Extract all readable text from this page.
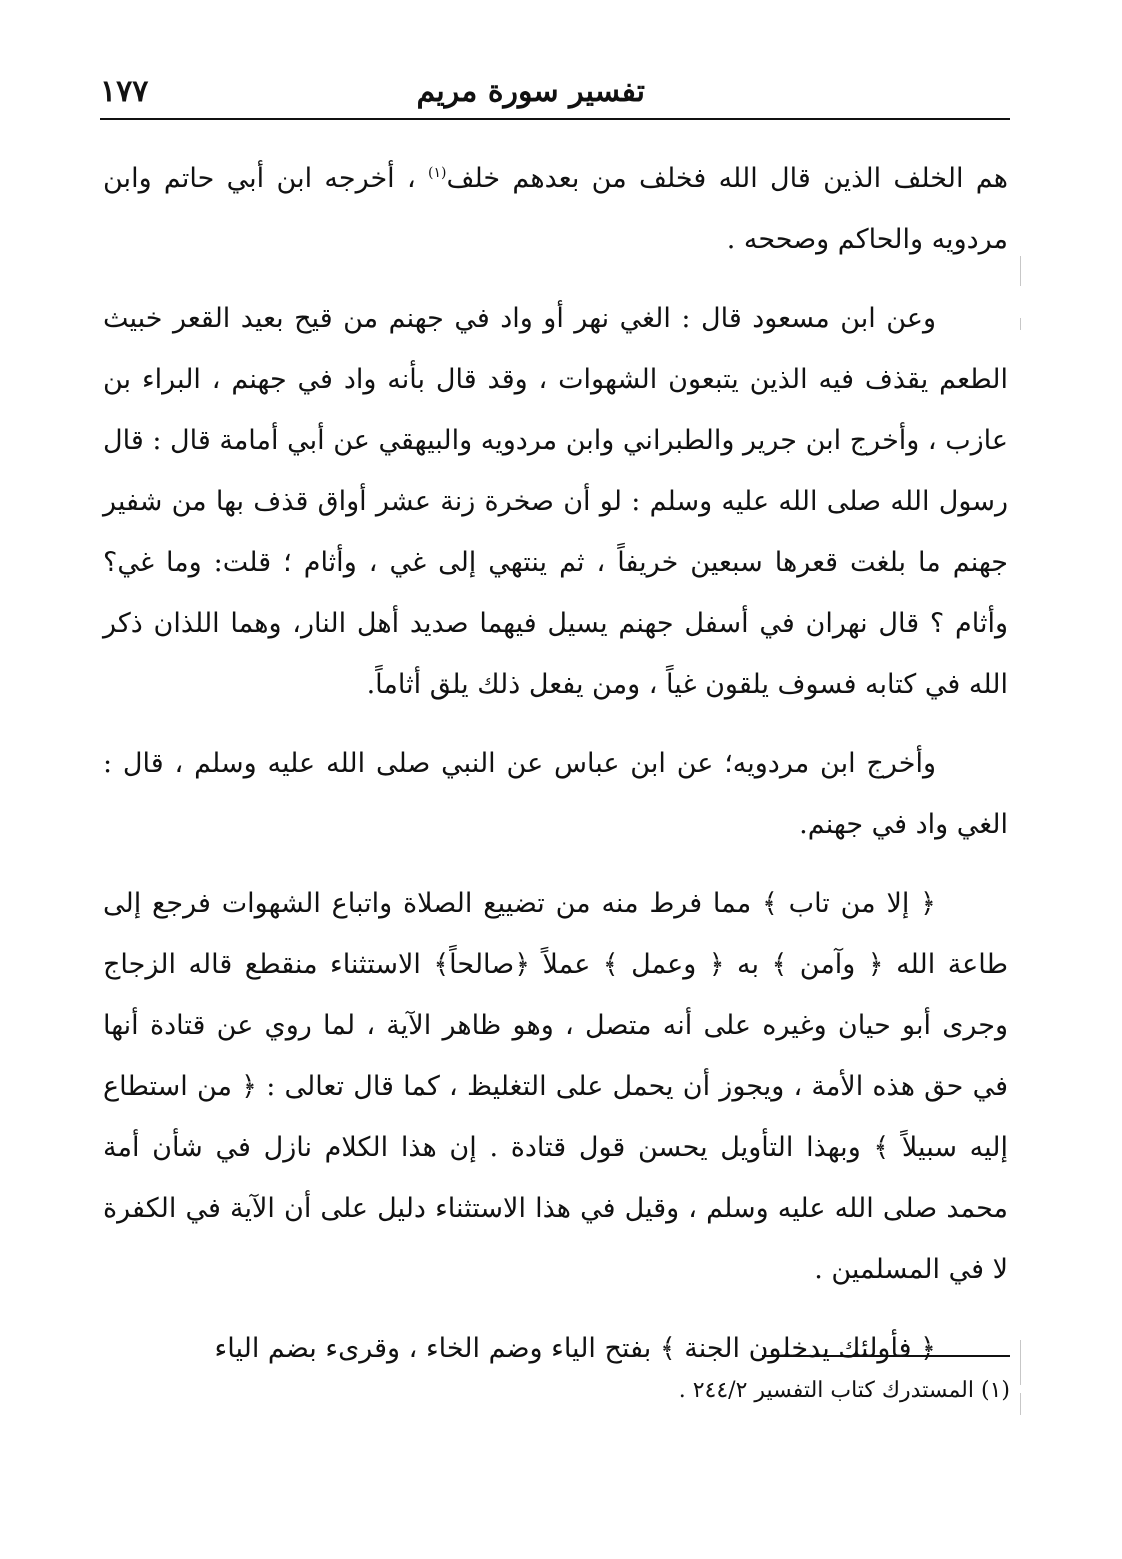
تفسير سورة مريم
١٧٧

هم الخلف الذين قال الله فخلف من بعدهم خلف$^{(١)}$ ، أخرجه ابن أبي حاتم وابن مردويه والحاكم وصححه .

وعن ابن مسعود قال : الغي نهر أو واد في جهنم من قيح بعيد القعر خبيث الطعم يقذف فيه الذين يتبعون الشهوات ، وقد قال بأنه واد في جهنم ، البراء بن عازب ، وأخرج ابن جرير والطبراني وابن مردويه والبيهقي عن أبي أمامة قال : قال رسول الله صلى الله عليه وسلم : لو أن صخرة زنة عشر أواق قذف بها من شفير جهنم ما بلغت قعرها سبعين خريفاً ، ثم ينتهي إلى غي ، وأثام ؛ قلت: وما غي؟ وأثام ؟ قال نهران في أسفل جهنم يسيل فيهما صديد أهل النار، وهما اللذان ذكر الله في كتابه فسوف يلقون غياً ، ومن يفعل ذلك يلق أثاماً.

وأخرج ابن مردويه؛ عن ابن عباس عن النبي صلى الله عليه وسلم ، قال : الغي واد في جهنم.

﴿ إلا من تاب ﴾ مما فرط منه من تضييع الصلاة واتباع الشهوات فرجع إلى طاعة الله ﴿ وآمن ﴾ به ﴿ وعمل ﴾ عملاً ﴿صالحاً﴾ الاستثناء منقطع قاله الزجاج وجرى أبو حيان وغيره على أنه متصل ، وهو ظاهر الآية ، لما روي عن قتادة أنها في حق هذه الأمة ، ويجوز أن يحمل على التغليظ ، كما قال تعالى : ﴿ من استطاع إليه سبيلاً ﴾ وبهذا التأويل يحسن قول قتادة . إن هذا الكلام نازل في شأن أمة محمد صلى الله عليه وسلم ، وقيل في هذا الاستثناء دليل على أن الآية في الكفرة لا في المسلمين .

﴿ فأولئك يدخلون الجنة ﴾ بفتح الياء وضم الخاء ، وقرىء بضم الياء

(١) المستدرك كتاب التفسير ٢٤٤/٢ .
